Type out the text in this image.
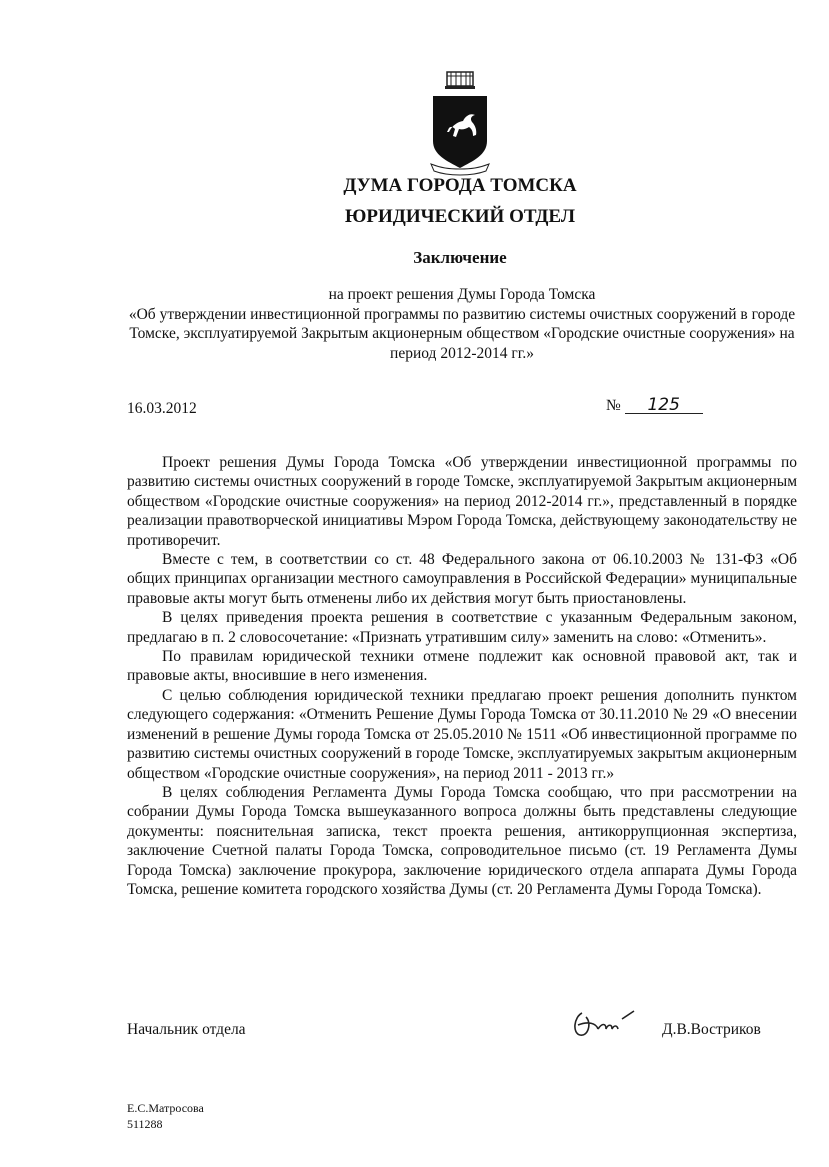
ДУМА ГОРОДА ТОМСКА
ЮРИДИЧЕСКИЙ ОТДЕЛ
Заключение
на проект решения Думы Города Томска
«Об утверждении инвестиционной программы по развитию системы очистных сооружений в городе Томске, эксплуатируемой Закрытым акционерным обществом «Городские очистные сооружения» на период 2012-2014 гг.»
16.03.2012	№ 125

Проект решения Думы Города Томска «Об утверждении инвестиционной программы по развитию системы очистных сооружений в городе Томске, эксплуатируемой Закрытым акционерным обществом «Городские очистные сооружения» на период 2012-2014 гг.», представленный в порядке реализации правотворческой инициативы Мэром Города Томска, действующему законодательству не противоречит.

Вместе с тем, в соответствии со ст. 48 Федерального закона от 06.10.2003 № 131-ФЗ «Об общих принципах организации местного самоуправления в Российской Федерации» муниципальные правовые акты могут быть отменены либо их действия могут быть приостановлены.

В целях приведения проекта решения в соответствие с указанным Федеральным законом, предлагаю в п. 2 словосочетание: «Признать утратившим силу» заменить на слово: «Отменить».

По правилам юридической техники отмене подлежит как основной правовой акт, так и правовые акты, вносившие в него изменения.

С целью соблюдения юридической техники предлагаю проект решения дополнить пунктом следующего содержания: «Отменить Решение Думы Города Томска от 30.11.2010 № 29 «О внесении изменений в решение Думы города Томска от 25.05.2010 № 1511 «Об инвестиционной программе по развитию системы очистных сооружений в городе Томске, эксплуатируемых закрытым акционерным обществом «Городские очистные сооружения», на период 2011 - 2013 гг.»

В целях соблюдения Регламента Думы Города Томска сообщаю, что при рассмотрении на собрании Думы Города Томска вышеуказанного вопроса должны быть представлены следующие документы: пояснительная записка, текст проекта решения, антикоррупционная экспертиза, заключение Счетной палаты Города Томска, сопроводительное письмо (ст. 19 Регламента Думы Города Томска) заключение прокурора, заключение юридического отдела аппарата Думы Города Томска, решение комитета городского хозяйства Думы (ст. 20 Регламента Думы Города Томска).

Начальник отдела	Д.В.Востриков
Е.С.Матросова
511288
